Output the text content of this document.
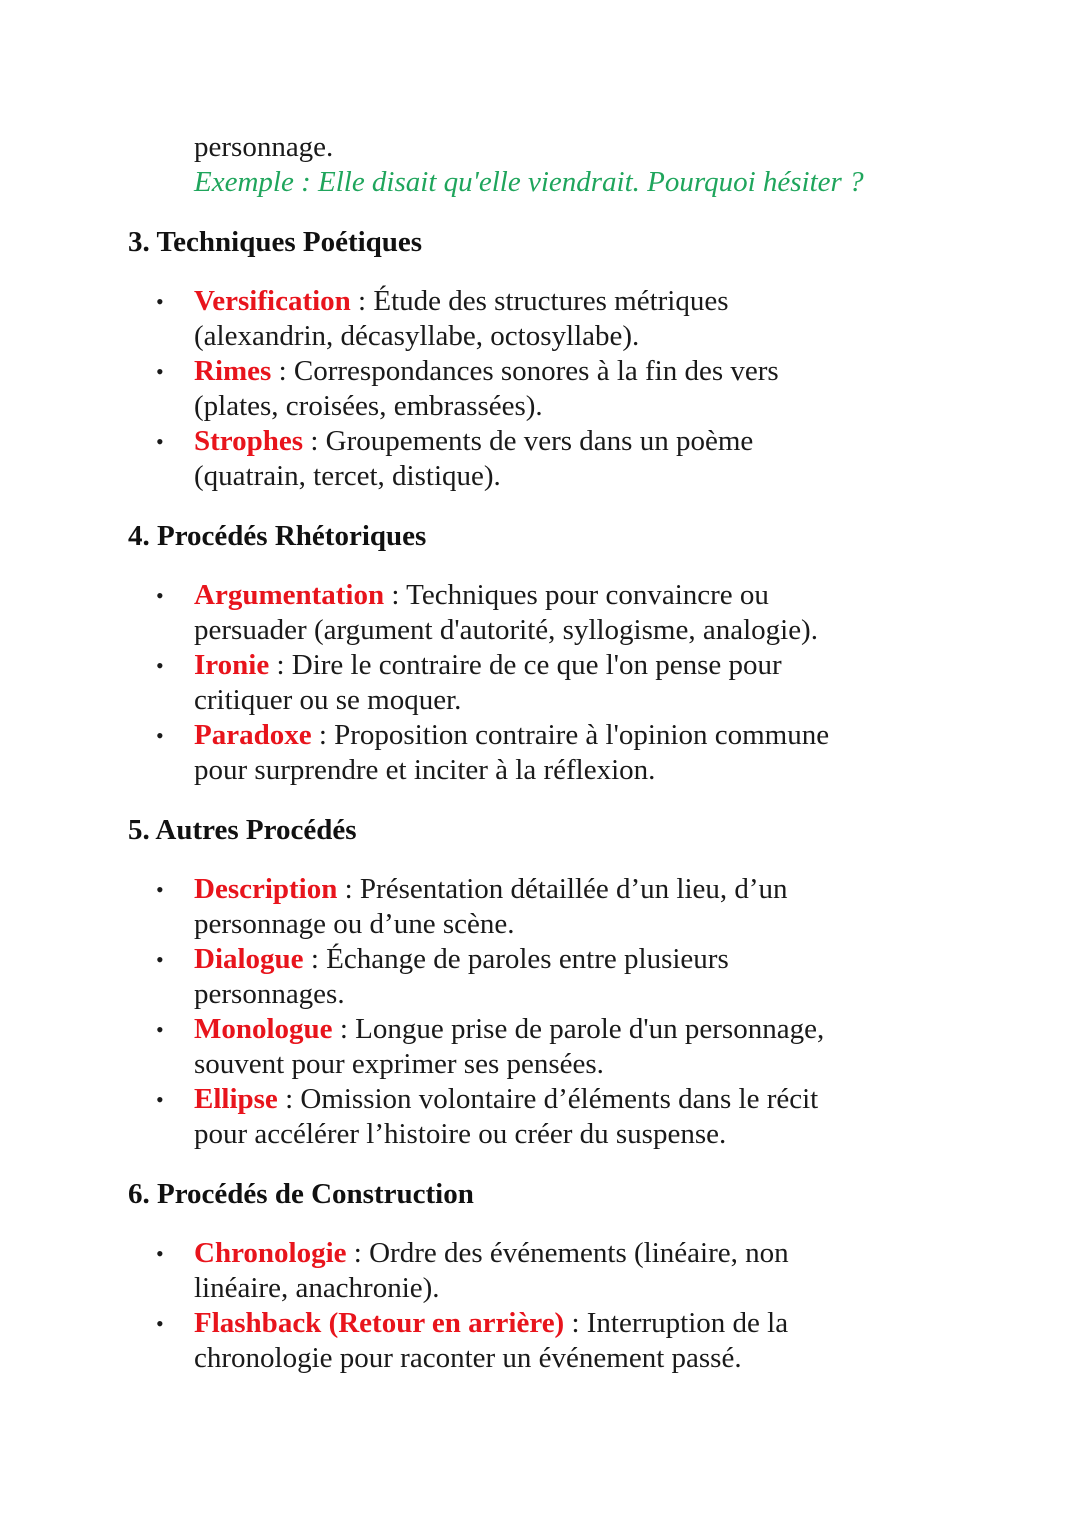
personnage.
Exemple : Elle disait qu'elle viendrait. Pourquoi hésiter ?
3. Techniques Poétiques
• Versification : Étude des structures métriques
(alexandrin, décasyllabe, octosyllabe).
• Rimes : Correspondances sonores à la fin des vers
(plates, croisées, embrassées).
• Strophes : Groupements de vers dans un poème
(quatrain, tercet, distique).
4. Procédés Rhétoriques
• Argumentation : Techniques pour convaincre ou
persuader (argument d'autorité, syllogisme, analogie).
• Ironie : Dire le contraire de ce que l'on pense pour
critiquer ou se moquer.
• Paradoxe : Proposition contraire à l'opinion commune
pour surprendre et inciter à la réflexion.
5. Autres Procédés
• Description : Présentation détaillée d’un lieu, d’un
personnage ou d’une scène.
• Dialogue : Échange de paroles entre plusieurs
personnages.
• Monologue : Longue prise de parole d'un personnage,
souvent pour exprimer ses pensées.
• Ellipse : Omission volontaire d’éléments dans le récit
pour accélérer l’histoire ou créer du suspense.
6. Procédés de Construction
• Chronologie : Ordre des événements (linéaire, non
linéaire, anachronie).
• Flashback (Retour en arrière) : Interruption de la
chronologie pour raconter un événement passé.
